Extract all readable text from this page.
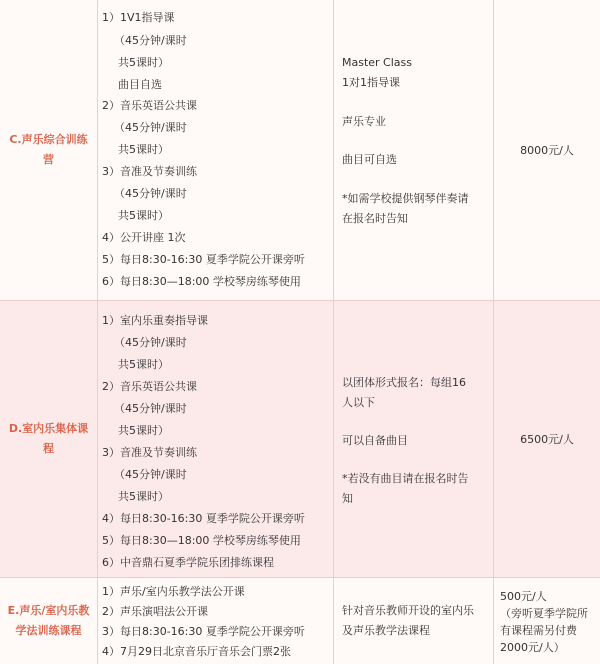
C.声乐综合训练营
1）1V1指导课
（45分钟/课时
共5课时）
曲目自选
2）音乐英语公共课
（45分钟/课时
共5课时）
3）音准及节奏训练
（45分钟/课时
共5课时）
4）公开讲座 1次
5）每日8:30-16:30 夏季学院公开课旁听
6）每日8:30—18:00 学校琴房练琴使用
Master Class
1对1指导课
声乐专业
曲目可自选
*如需学校提供钢琴伴奏请
在报名时告知
8000元/人
D.室内乐集体课程
1）室内乐重奏指导课
（45分钟/课时
共5课时）
2）音乐英语公共课
（45分钟/课时
共5课时）
3）音准及节奏训练
（45分钟/课时
共5课时）
4）每日8:30-16:30 夏季学院公开课旁听
5）每日8:30—18:00 学校琴房练琴使用
6）中音鼎石夏季学院乐团排练课程
以团体形式报名：每组16
人以下
可以自备曲目
*若没有曲目请在报名时告
知
6500元/人
E.声乐/室内乐教学法训练课程
1）声乐/室内乐教学法公开课
2）声乐演唱法公开课
3）每日8:30-16:30 夏季学院公开课旁听
4）7月29日北京音乐厅音乐会门票2张
针对音乐教师开设的室内乐
及声乐教学法课程
500元/人
（旁听夏季学院所
有课程需另付费
2000元/人）
